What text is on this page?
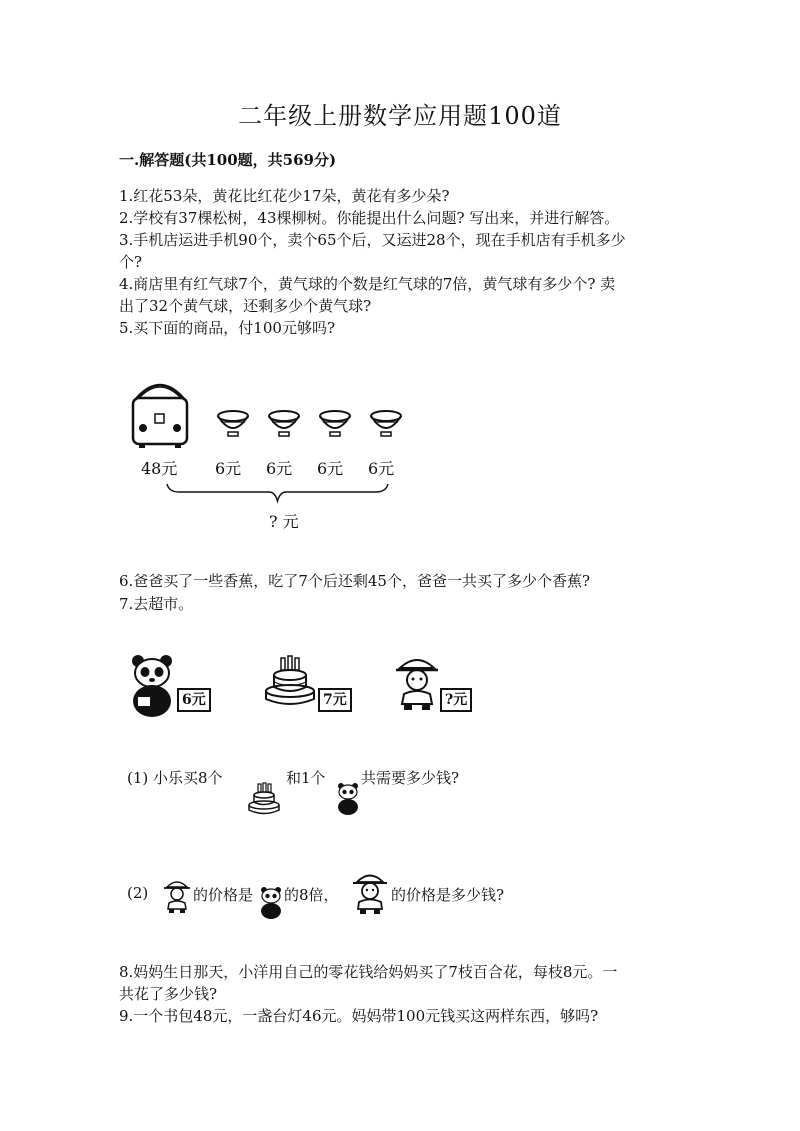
二年级上册数学应用题100道
一.解答题(共100题，共569分)
1.红花53朵，黄花比红花少17朵，黄花有多少朵?
2.学校有37棵松树，43棵柳树。你能提出什么问题? 写出来，并进行解答。
3.手机店运进手机90个，卖个65个后，又运进28个，现在手机店有手机多少
个?
4.商店里有红气球7个，黄气球的个数是红气球的7倍，黄气球有多少个? 卖
出了32个黄气球，还剩多少个黄气球?
5.买下面的商品，付100元够吗?
48元 6元 6元 6元 6元
? 元
6.爸爸买了一些香蕉，吃了7个后还剩45个，爸爸一共买了多少个香蕉?
7.去超市。
6元	7元	?元
(1) 小乐买8个	和1个 共需要多少钱?
(2)	的价格是 的8倍，	的价格是多少钱?
8.妈妈生日那天，小洋用自己的零花钱给妈妈买了7枝百合花，每枝8元。一
共花了多少钱?
9.一个书包48元，一盏台灯46元。妈妈带100元钱买这两样东西，够吗?
